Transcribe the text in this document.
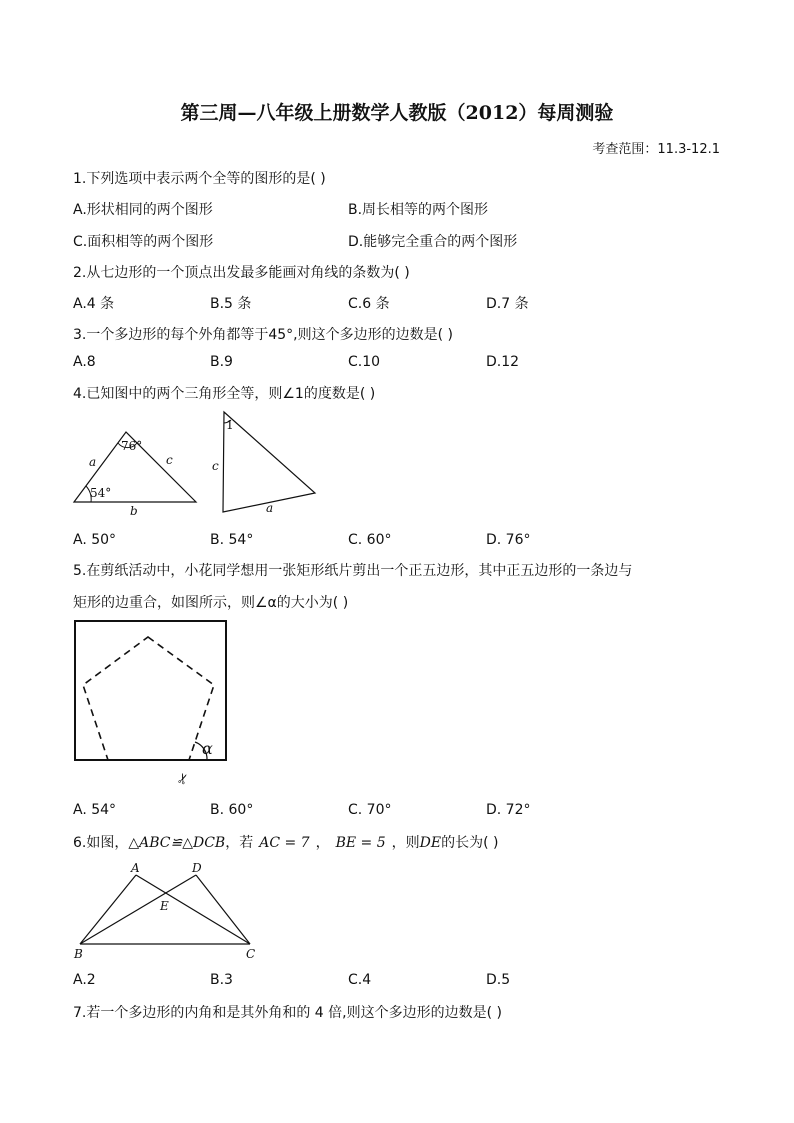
第三周—八年级上册数学人教版（2012）每周测验
考查范围：11.3-12.1
1.下列选项中表示两个全等的图形的是( )
A.形状相同的两个图形	B.周长相等的两个图形
C.面积相等的两个图形	D.能够完全重合的两个图形
2.从七边形的一个顶点出发最多能画对角线的条数为( )
A.4 条	B.5 条	C.6 条	D.7 条
3.一个多边形的每个外角都等于45°,则这个多边形的边数是( )
A.8	B.9	C.10	D.12
4.已知图中的两个三角形全等，则∠1的度数是( )
76°
54°
a	c
b
1
c
a
A. 50°	B. 54°	C. 60°	D. 76°
5.在剪纸活动中，小花同学想用一张矩形纸片剪出一个正五边形，其中正五边形的一条边与
矩形的边重合，如图所示，则∠α的大小为( )
α
✂
A. 54°	B. 60°	C. 70°	D. 72°
6.如图，△ABC≌△DCB，若 AC = 7 ， BE = 5 ，则DE的长为( )
A	D
E
B	C
A.2	B.3	C.4	D.5
7.若一个多边形的内角和是其外角和的 4 倍,则这个多边形的边数是( )
